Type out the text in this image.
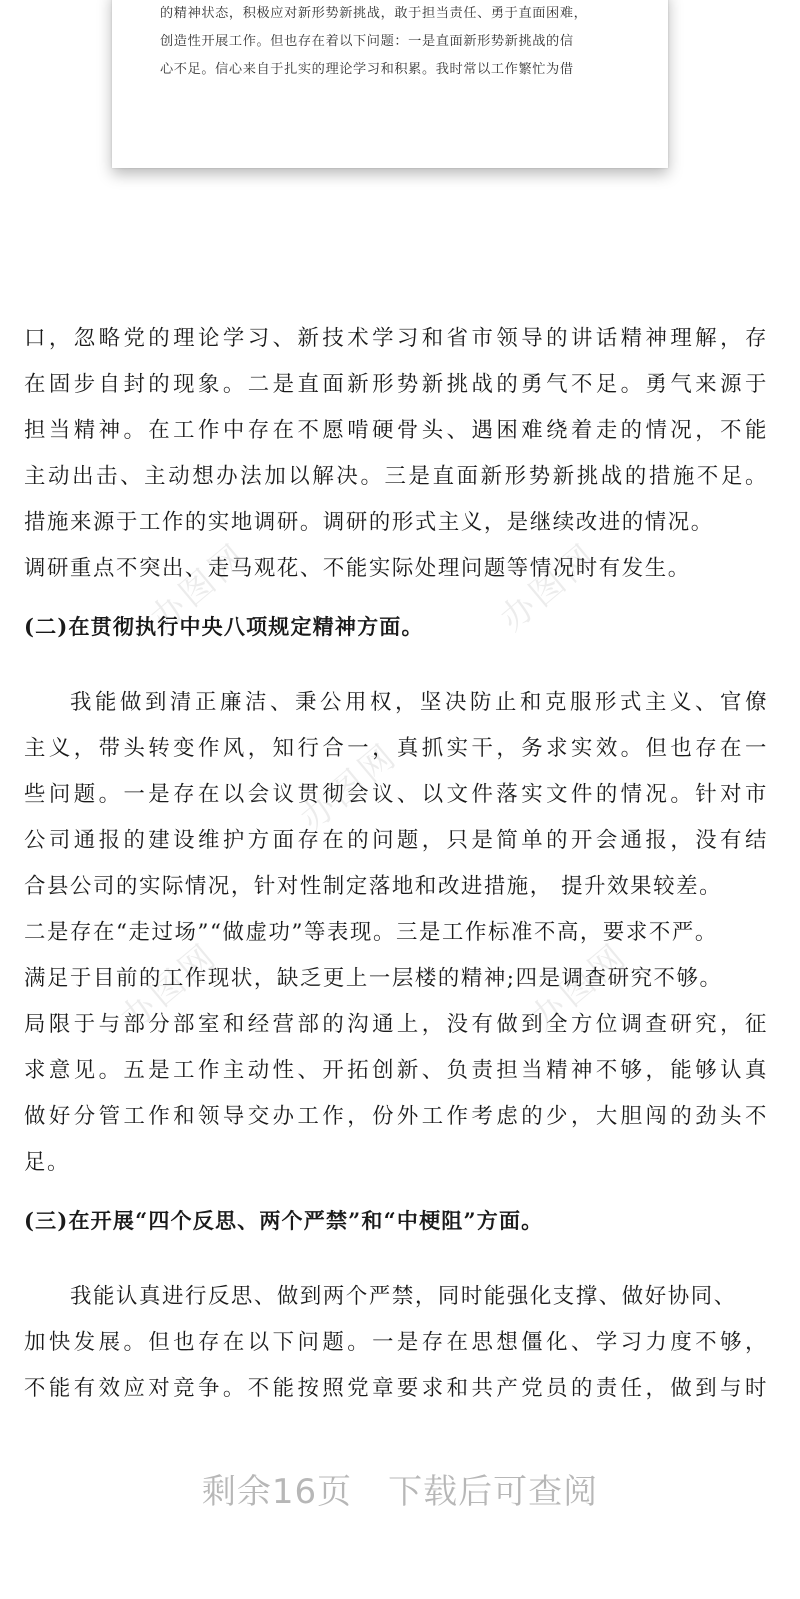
的精神状态，积极应对新形势新挑战，敢于担当责任、勇于直面困难，
创造性开展工作。但也存在着以下问题：一是直面新形势新挑战的信
心不足。信心来自于扎实的理论学习和积累。我时常以工作繁忙为借
办图网	办图网
办图网
办图网	办图网
口，忽略党的理论学习、新技术学习和省市领导的讲话精神理解，存
在固步自封的现象。二是直面新形势新挑战的勇气不足。勇气来源于
担当精神。在工作中存在不愿啃硬骨头、遇困难绕着走的情况，不能
主动出击、主动想办法加以解决。三是直面新形势新挑战的措施不足。
措施来源于工作的实地调研。调研的形式主义，是继续改进的情况。
调研重点不突出、走马观花、不能实际处理问题等情况时有发生。
(二)在贯彻执行中央八项规定精神方面。
我能做到清正廉洁、秉公用权，坚决防止和克服形式主义、官僚
主义，带头转变作风，知行合一，真抓实干，务求实效。但也存在一
些问题。一是存在以会议贯彻会议、以文件落实文件的情况。针对市
公司通报的建设维护方面存在的问题，只是简单的开会通报，没有结
合县公司的实际情况，针对性制定落地和改进措施， 提升效果较差。
二是存在“走过场”“做虚功”等表现。三是工作标准不高，要求不严。
满足于目前的工作现状，缺乏更上一层楼的精神;四是调查研究不够。
局限于与部分部室和经营部的沟通上，没有做到全方位调查研究，征
求意见。五是工作主动性、开拓创新、负责担当精神不够，能够认真
做好分管工作和领导交办工作，份外工作考虑的少，大胆闯的劲头不
足。
(三)在开展“四个反思、两个严禁”和“中梗阻”方面。
我能认真进行反思、做到两个严禁，同时能强化支撑、做好协同、
加快发展。但也存在以下问题。一是存在思想僵化、学习力度不够，
不能有效应对竞争。不能按照党章要求和共产党员的责任，做到与时
剩余16页 下载后可查阅
